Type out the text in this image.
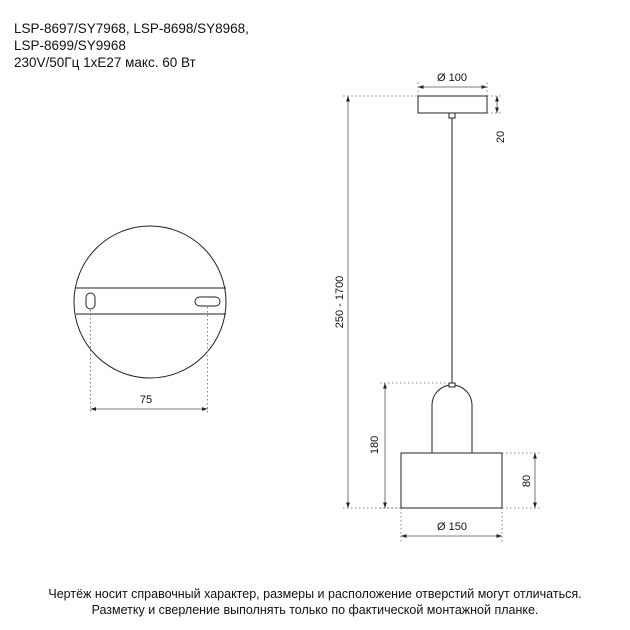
LSP-8697/SY7968, LSP-8698/SY8968,
LSP-8699/SY9968
230V/50Гц 1хЕ27 макс. 60 Вт
75
Ø 100
20
250 - 1700
180
80
Ø 150
Чертёж носит справочный характер, размеры и расположение отверстий могут отличаться.
Разметку и сверление выполнять только по фактической монтажной планке.
